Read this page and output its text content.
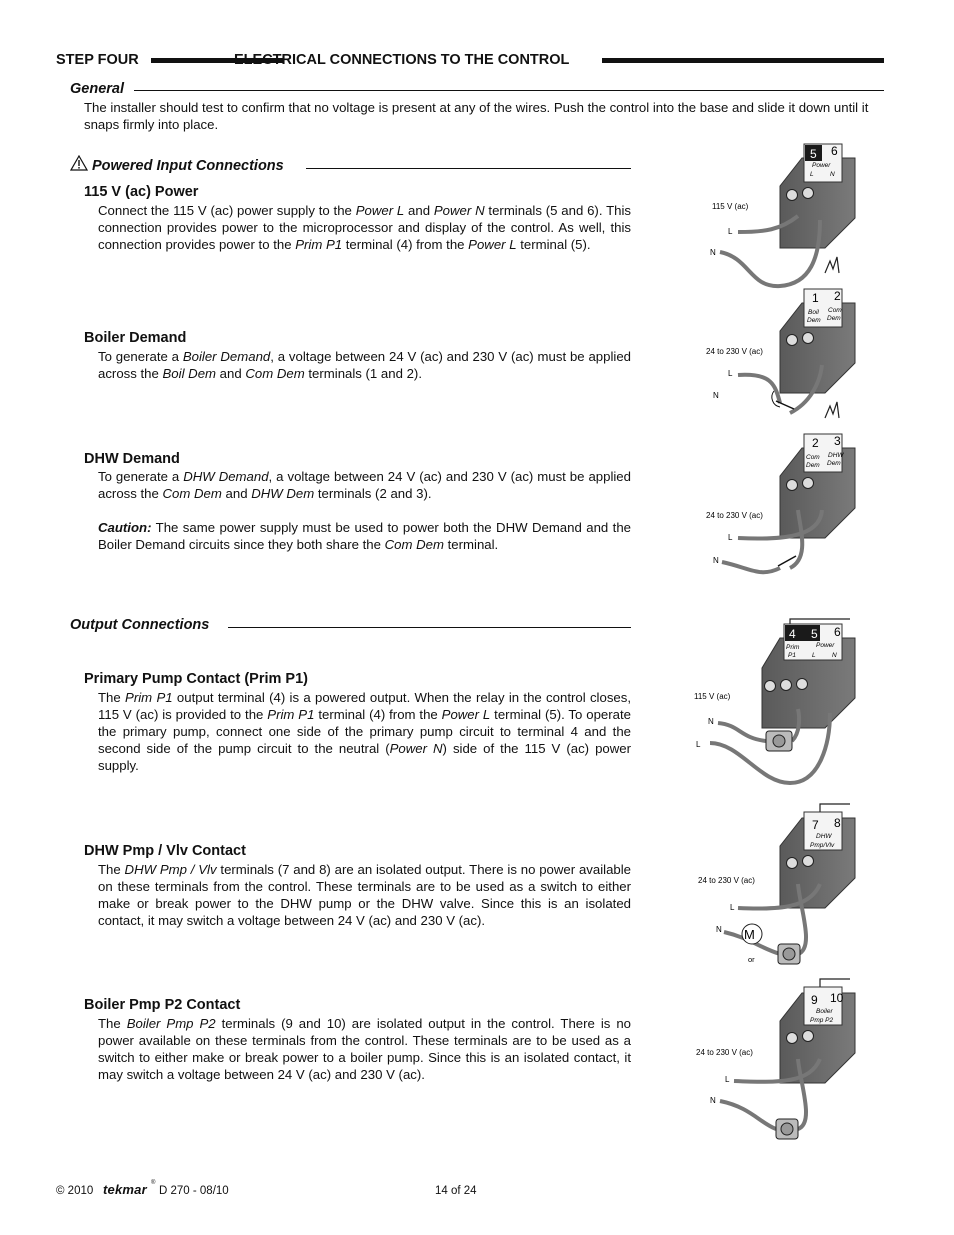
STEP FOUR	ELECTRICAL CONNECTIONS TO THE CONTROL
General
The installer should test to confirm that no voltage is present at any of the wires. Push the control into the base and slide it down until it snaps firmly into place.
Powered Input Connections
115 V (ac) Power
Connect the 115 V (ac) power supply to the Power L and Power N terminals (5 and 6). This connection provides power to the microprocessor and display of the control. As well, this connection provides power to the Prim P1 terminal (4) from the Power L terminal (5).
Boiler Demand
To generate a Boiler Demand, a voltage between 24 V (ac) and 230 V (ac) must be applied across the Boil Dem and Com Dem terminals (1 and 2).
DHW Demand
To generate a DHW Demand, a voltage between 24 V (ac) and 230 V (ac) must be applied across the Com Dem and DHW Dem terminals (2 and 3).
Caution: The same power supply must be used to power both the DHW Demand and the Boiler Demand circuits since they both share the Com Dem terminal.
Output Connections
Primary Pump Contact (Prim P1)
The Prim P1 output terminal (4) is a powered output. When the relay in the control closes, 115 V (ac) is provided to the Prim P1 terminal (4) from the Power L terminal (5). To operate the primary pump, connect one side of the primary pump circuit to terminal 4 and the second side of the pump circuit to the neutral (Power N) side of the 115 V (ac) power supply.
DHW Pmp / Vlv Contact
The DHW Pmp / Vlv terminals (7 and 8) are an isolated output. There is no power available on these terminals from the control. These terminals are to be used as a switch to either make or break power to the DHW pump or the DHW valve. Since this is an isolated contact, it may switch a voltage between 24 V (ac) and 230 V (ac).
Boiler Pmp P2 Contact
The Boiler Pmp P2 terminals (9 and 10) are isolated output in the control. There is no power available on these terminals from the control. These terminals are to be used as a switch to either make or break power to a boiler pump. Since this is an isolated contact, it may switch a voltage between 24 V (ac) and 230 V (ac).
5 6
Power
L	N
115 V (ac)
L
N
1 2
Boil
Dem
Com
Dem
24 to 230 V (ac)
L
N
2 3
Com
Dem
DHW
Dem
24 to 230 V (ac)
L
N
4 5 6
Prim
P1
Power
L	N
115 V (ac)
N
L
7 8
DHW
Pmp/Vlv
24 to 230 V (ac)
L
N M
or
9 10
Boiler
Pmp P2
24 to 230 V (ac)
L
N
© 2010 tekmar ®
D 270 - 08/10	14 of 24
